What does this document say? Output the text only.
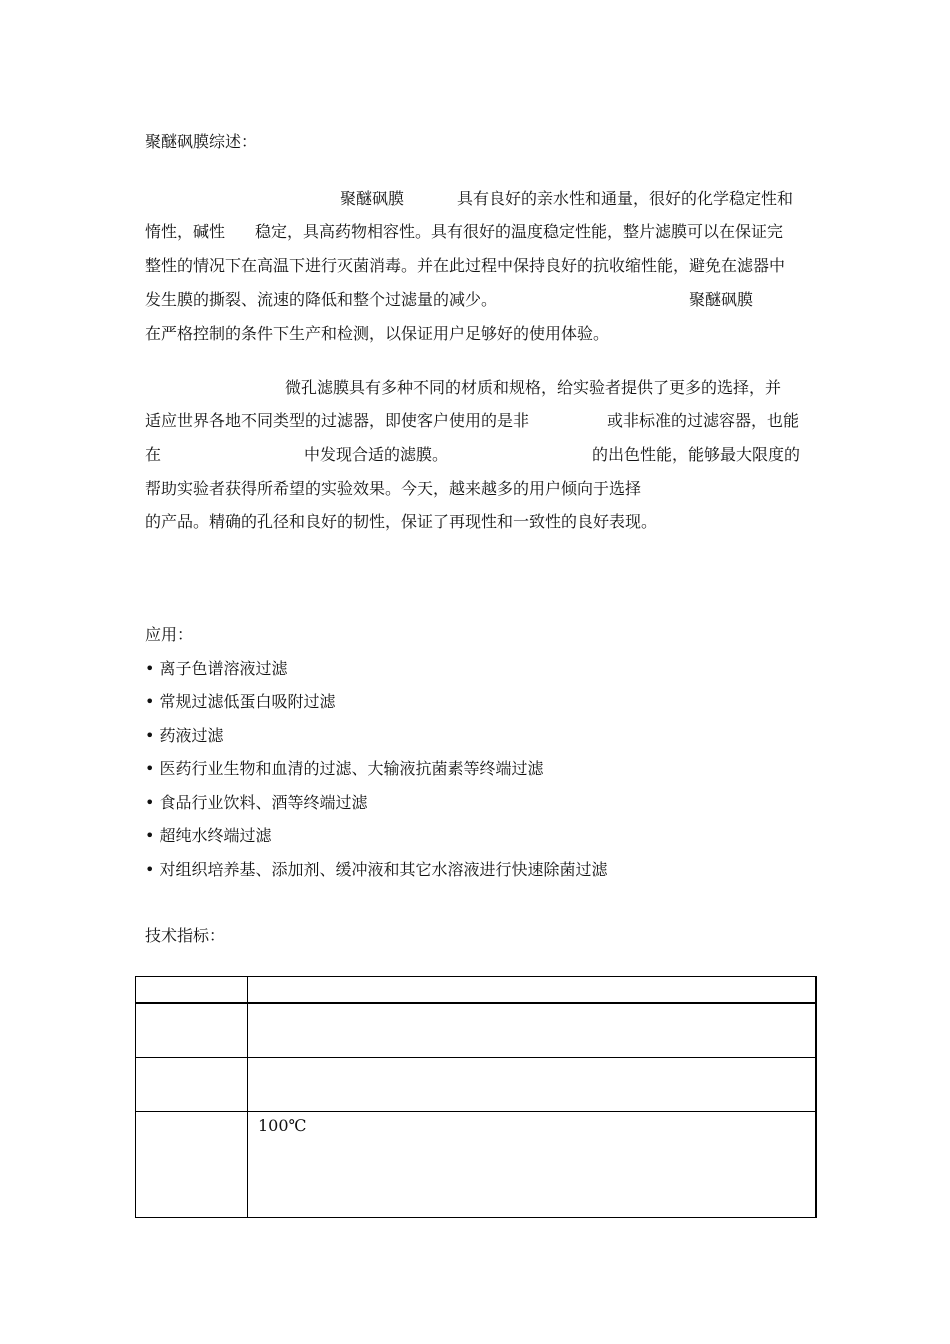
聚醚砜膜综述：
聚醚砜膜	具有良好的亲水性和通量，很好的化学稳定性和
惰性，碱性 稳定，具高药物相容性。具有很好的温度稳定性能，整片滤膜可以在保证完
整性的情况下在高温下进行灭菌消毒。并在此过程中保持良好的抗收缩性能，避免在滤器中
发生膜的撕裂、流速的降低和整个过滤量的减少。	聚醚砜膜
在严格控制的条件下生产和检测，以保证用户足够好的使用体验。
微孔滤膜具有多种不同的材质和规格，给实验者提供了更多的选择，并
适应世界各地不同类型的过滤器，即使客户使用的是非	或非标准的过滤容器，也能
在	中发现合适的滤膜。	的出色性能，能够最大限度的
帮助实验者获得所希望的实验效果。今天，越来越多的用户倾向于选择
的产品。精确的孔径和良好的韧性，保证了再现性和一致性的良好表现。
应用：
• 离子色谱溶液过滤
• 常规过滤低蛋白吸附过滤
• 药液过滤
• 医药行业生物和血清的过滤、大输液抗菌素等终端过滤
• 食品行业饮料、酒等终端过滤
• 超纯水终端过滤
• 对组织培养基、添加剂、缓冲液和其它水溶液进行快速除菌过滤
技术指标：

	100℃
